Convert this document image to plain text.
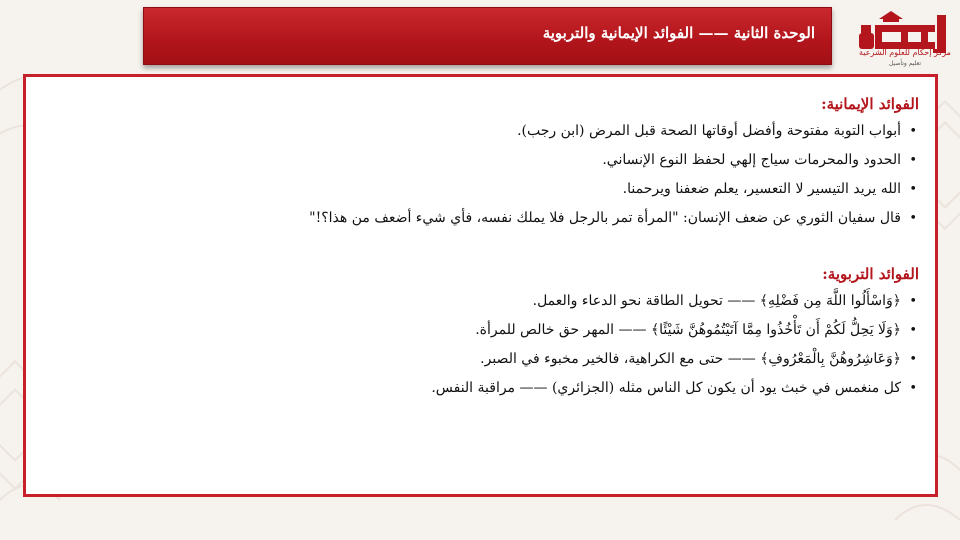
الوحدة الثانية —— الفوائد الإيمانية والتربوية
مركز إحكام للعلوم الشرعية
تعليم وتأصيل
الفوائد الإيمانية:
•
أبواب التوبة مفتوحة وأفضل أوقاتها الصحة قبل المرض (ابن رجب).
•
الحدود والمحرمات سياج إلهي لحفظ النوع الإنساني.
•
الله يريد التيسير لا التعسير، يعلم ضعفنا ويرحمنا.
•
قال سفيان الثوري عن ضعف الإنسان: "المرأة تمر بالرجل فلا يملك نفسه، فأي شيء أضعف من هذا؟!"
الفوائد التربوية:
•
﴿وَاسْأَلُوا اللَّهَ مِن فَضْلِهِ﴾ —— تحويل الطاقة نحو الدعاء والعمل.
•
﴿وَلَا يَحِلُّ لَكُمْ أَن تَأْخُذُوا مِمَّا آتَيْتُمُوهُنَّ شَيْئًا﴾ —— المهر حق خالص للمرأة.
•
﴿وَعَاشِرُوهُنَّ بِالْمَعْرُوفِ﴾ —— حتى مع الكراهية، فالخير مخبوء في الصبر.
•
كل منغمس في خبث يود أن يكون كل الناس مثله (الجزائري) —— مراقبة النفس.
